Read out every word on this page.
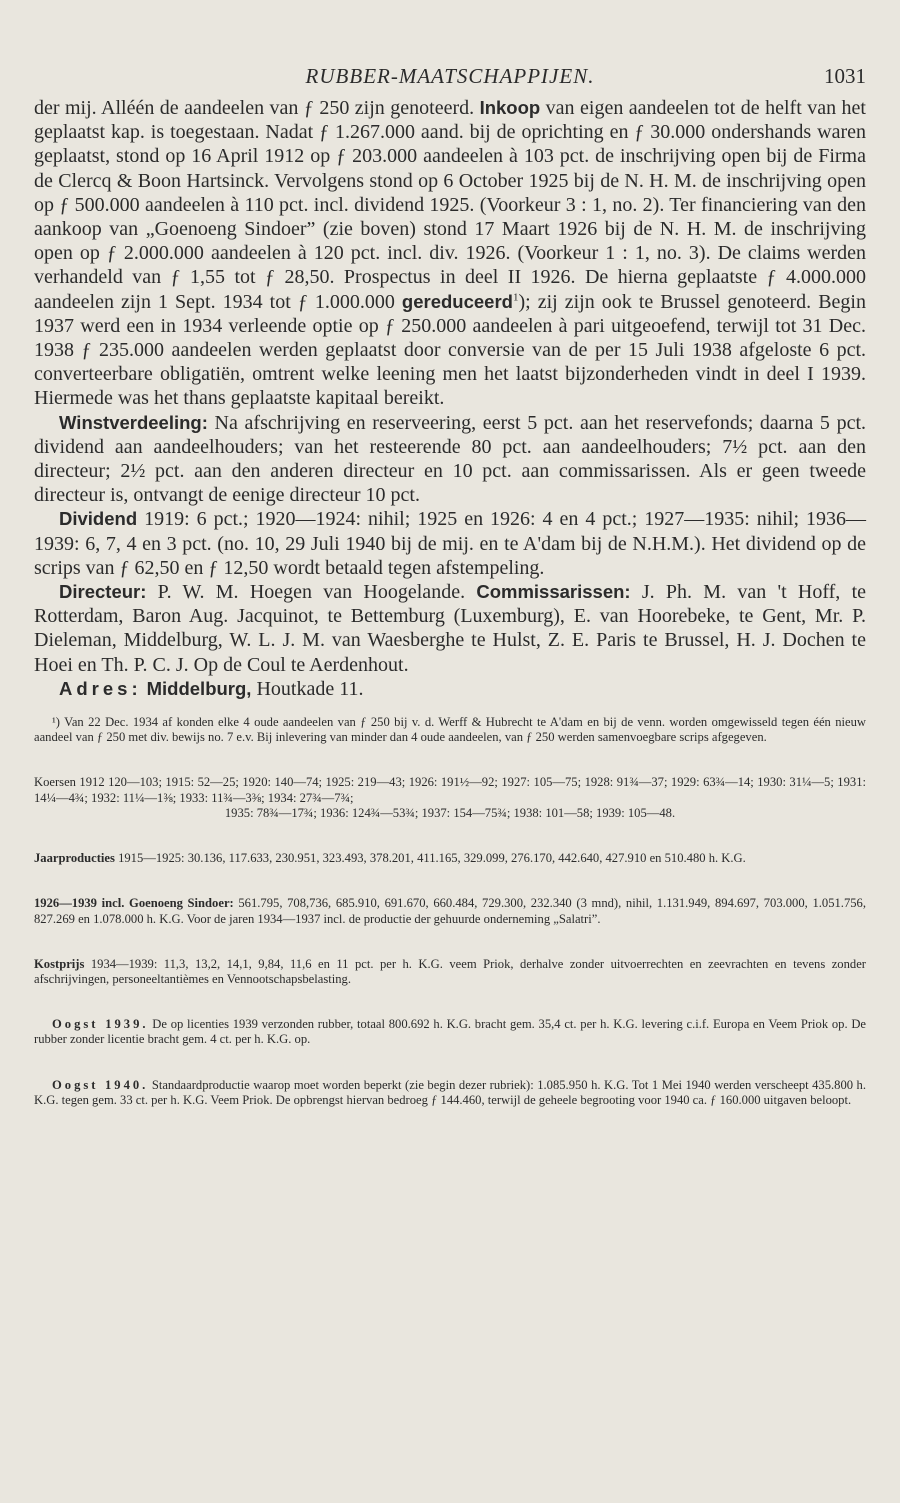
RUBBER-MAATSCHAPPIJEN.	1031

der mij. Alléén de aandeelen van ƒ 250 zijn genoteerd. Inkoop van eigen aandeelen tot de helft van het geplaatst kap. is toegestaan. Nadat ƒ 1.267.000 aand. bij de oprichting en ƒ 30.000 ondershands waren geplaatst, stond op 16 April 1912 op ƒ 203.000 aandeelen à 103 pct. de inschrijving open bij de Firma de Clercq & Boon Hartsinck. Vervolgens stond op 6 October 1925 bij de N. H. M. de inschrijving open op ƒ 500.000 aandeelen à 110 pct. incl. dividend 1925. (Voorkeur 3 : 1, no. 2). Ter financiering van den aankoop van „Goenoeng Sindoer” (zie boven) stond 17 Maart 1926 bij de N. H. M. de inschrijving open op ƒ 2.000.000 aandeelen à 120 pct. incl. div. 1926. (Voorkeur 1 : 1, no. 3). De claims werden verhandeld van ƒ 1,55 tot ƒ 28,50. Prospectus in deel II 1926. De hierna geplaatste ƒ 4.000.000 aandeelen zijn 1 Sept. 1934 tot ƒ 1.000.000 gereduceerd$^1$); zij zijn ook te Brussel genoteerd. Begin 1937 werd een in 1934 verleende optie op ƒ 250.000 aandeelen à pari uitgeoefend, terwijl tot 31 Dec. 1938 ƒ 235.000 aandeelen werden geplaatst door conversie van de per 15 Juli 1938 afgeloste 6 pct. converteerbare obligatiën, omtrent welke leening men het laatst bijzonderheden vindt in deel I 1939. Hiermede was het thans geplaatste kapitaal bereikt.

Winstverdeeling: Na afschrijving en reserveering, eerst 5 pct. aan het reservefonds; daarna 5 pct. dividend aan aandeelhouders; van het resteerende 80 pct. aan aandeelhouders; 7½ pct. aan den directeur; 2½ pct. aan den anderen directeur en 10 pct. aan commissarissen. Als er geen tweede directeur is, ontvangt de eenige directeur 10 pct.

Dividend 1919: 6 pct.; 1920—1924: nihil; 1925 en 1926: 4 en 4 pct.; 1927—1935: nihil; 1936—1939: 6, 7, 4 en 3 pct. (no. 10, 29 Juli 1940 bij de mij. en te A'dam bij de N.H.M.). Het dividend op de scrips van ƒ 62,50 en ƒ 12,50 wordt betaald tegen afstempeling.

Directeur: P. W. M. Hoegen van Hoogelande. Commissarissen: J. Ph. M. van 't Hoff, te Rotterdam, Baron Aug. Jacquinot, te Bettemburg (Luxemburg), E. van Hoorebeke, te Gent, Mr. P. Dieleman, Middelburg, W. L. J. M. van Waesberghe te Hulst, Z. E. Paris te Brussel, H. J. Dochen te Hoei en Th. P. C. J. Op de Coul te Aerdenhout.

Adres: Middelburg, Houtkade 11.

¹) Van 22 Dec. 1934 af konden elke 4 oude aandeelen van ƒ 250 bij v. d. Werff & Hubrecht te A'dam en bij de venn. worden omgewisseld tegen één nieuw aandeel van ƒ 250 met div. bewijs no. 7 e.v. Bij inlevering van minder dan 4 oude aandeelen, van ƒ 250 werden samenvoegbare scrips afgegeven.

Koersen 1912 120—103; 1915: 52—25; 1920: 140—74; 1925: 219—43; 1926: 191½—92; 1927: 105—75; 1928: 91¾—37; 1929: 63¾—14; 1930: 31¼—5; 1931: 14¼—4¾; 1932: 11¼—1⅜; 1933: 11¾—3⅜; 1934: 27¾—7¾;

1935: 78¾—17¾; 1936: 124¾—53¾; 1937: 154—75¾; 1938: 101—58; 1939: 105—48.

Jaarproducties 1915—1925: 30.136, 117.633, 230.951, 323.493, 378.201, 411.165, 329.099, 276.170, 442.640, 427.910 en 510.480 h. K.G.

1926—1939 incl. Goenoeng Sindoer: 561.795, 708,736, 685.910, 691.670, 660.484, 729.300, 232.340 (3 mnd), nihil, 1.131.949, 894.697, 703.000, 1.051.756, 827.269 en 1.078.000 h. K.G. Voor de jaren 1934—1937 incl. de productie der gehuurde onderneming „Salatri”.

Kostprijs 1934—1939: 11,3, 13,2, 14,1, 9,84, 11,6 en 11 pct. per h. K.G. veem Priok, derhalve zonder uitvoerrechten en zeevrachten en tevens zonder afschrijvingen, personeeltantièmes en Vennootschapsbelasting.

Oogst 1939. De op licenties 1939 verzonden rubber, totaal 800.692 h. K.G. bracht gem. 35,4 ct. per h. K.G. levering c.i.f. Europa en Veem Priok op. De rubber zonder licentie bracht gem. 4 ct. per h. K.G. op.

Oogst 1940. Standaardproductie waarop moet worden beperkt (zie begin dezer rubriek): 1.085.950 h. K.G. Tot 1 Mei 1940 werden verscheept 435.800 h. K.G. tegen gem. 33 ct. per h. K.G. Veem Priok. De opbrengst hiervan bedroeg ƒ 144.460, terwijl de geheele begrooting voor 1940 ca. ƒ 160.000 uitgaven beloopt.
